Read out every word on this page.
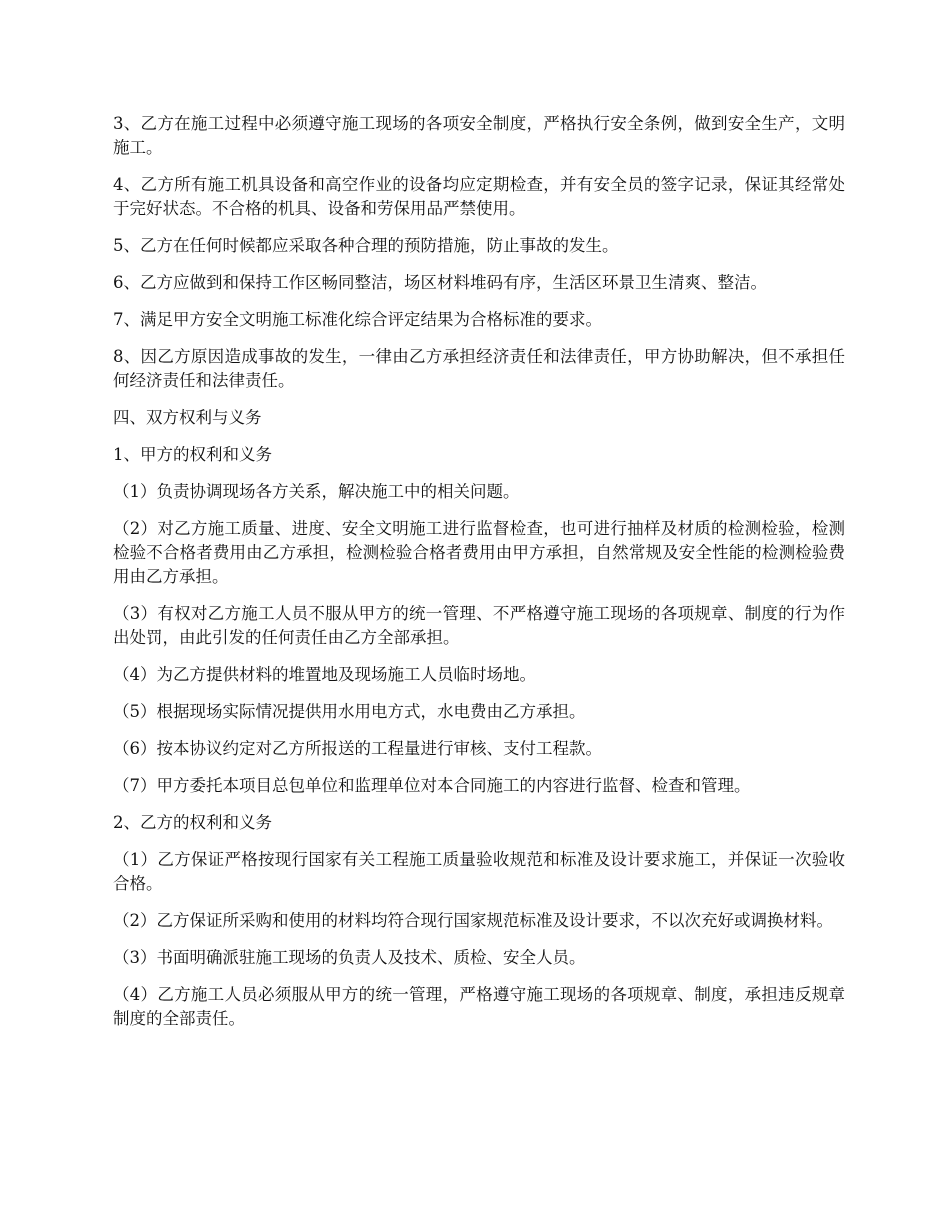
3、乙方在施工过程中必须遵守施工现场的各项安全制度，严格执行安全条例，做到安全生产，文明施工。

4、乙方所有施工机具设备和高空作业的设备均应定期检查，并有安全员的签字记录，保证其经常处于完好状态。不合格的机具、设备和劳保用品严禁使用。

5、乙方在任何时候都应采取各种合理的预防措施，防止事故的发生。

6、乙方应做到和保持工作区畅同整洁，场区材料堆码有序，生活区环景卫生清爽、整洁。

7、满足甲方安全文明施工标准化综合评定结果为合格标准的要求。

8、因乙方原因造成事故的发生，一律由乙方承担经济责任和法律责任，甲方协助解决，但不承担任何经济责任和法律责任。

四、双方权利与义务

1、甲方的权利和义务

（1）负责协调现场各方关系，解决施工中的相关问题。

（2）对乙方施工质量、进度、安全文明施工进行监督检查，也可进行抽样及材质的检测检验，检测检验不合格者费用由乙方承担，检测检验合格者费用由甲方承担，自然常规及安全性能的检测检验费用由乙方承担。

（3）有权对乙方施工人员不服从甲方的统一管理、不严格遵守施工现场的各项规章、制度的行为作出处罚，由此引发的任何责任由乙方全部承担。

（4）为乙方提供材料的堆置地及现场施工人员临时场地。

（5）根据现场实际情况提供用水用电方式，水电费由乙方承担。

（6）按本协议约定对乙方所报送的工程量进行审核、支付工程款。

（7）甲方委托本项目总包单位和监理单位对本合同施工的内容进行监督、检查和管理。

2、乙方的权利和义务

（1）乙方保证严格按现行国家有关工程施工质量验收规范和标准及设计要求施工，并保证一次验收合格。

（2）乙方保证所采购和使用的材料均符合现行国家规范标准及设计要求，不以次充好或调换材料。

（3）书面明确派驻施工现场的负责人及技术、质检、安全人员。

（4）乙方施工人员必须服从甲方的统一管理，严格遵守施工现场的各项规章、制度，承担违反规章制度的全部责任。
